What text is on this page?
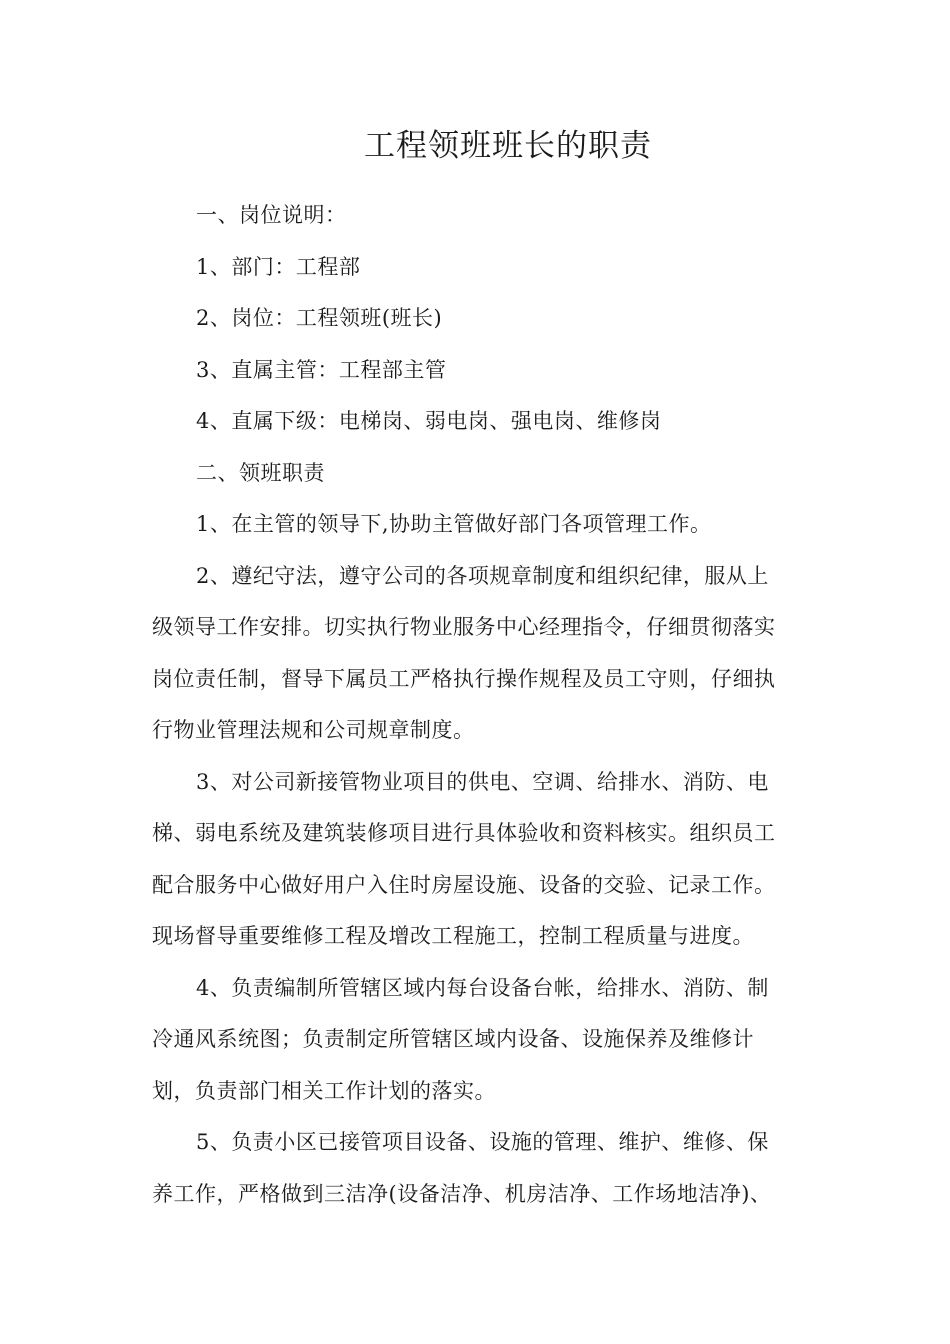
工程领班班长的职责
一、岗位说明：
1、部门：工程部
2、岗位：工程领班(班长)
3、直属主管：工程部主管
4、直属下级：电梯岗、弱电岗、强电岗、维修岗
二、领班职责
1、在主管的领导下,协助主管做好部门各项管理工作。
2、遵纪守法，遵守公司的各项规章制度和组织纪律，服从上
级领导工作安排。切实执行物业服务中心经理指令，仔细贯彻落实
岗位责任制，督导下属员工严格执行操作规程及员工守则，仔细执
行物业管理法规和公司规章制度。
3、对公司新接管物业项目的供电、空调、给排水、消防、电
梯、弱电系统及建筑装修项目进行具体验收和资料核实。组织员工
配合服务中心做好用户入住时房屋设施、设备的交验、记录工作。
现场督导重要维修工程及增改工程施工，控制工程质量与进度。
4、负责编制所管辖区域内每台设备台帐，给排水、消防、制
冷通风系统图；负责制定所管辖区域内设备、设施保养及维修计
划，负责部门相关工作计划的落实。
5、负责小区已接管项目设备、设施的管理、维护、维修、保
养工作，严格做到三洁净(设备洁净、机房洁净、工作场地洁净)、
